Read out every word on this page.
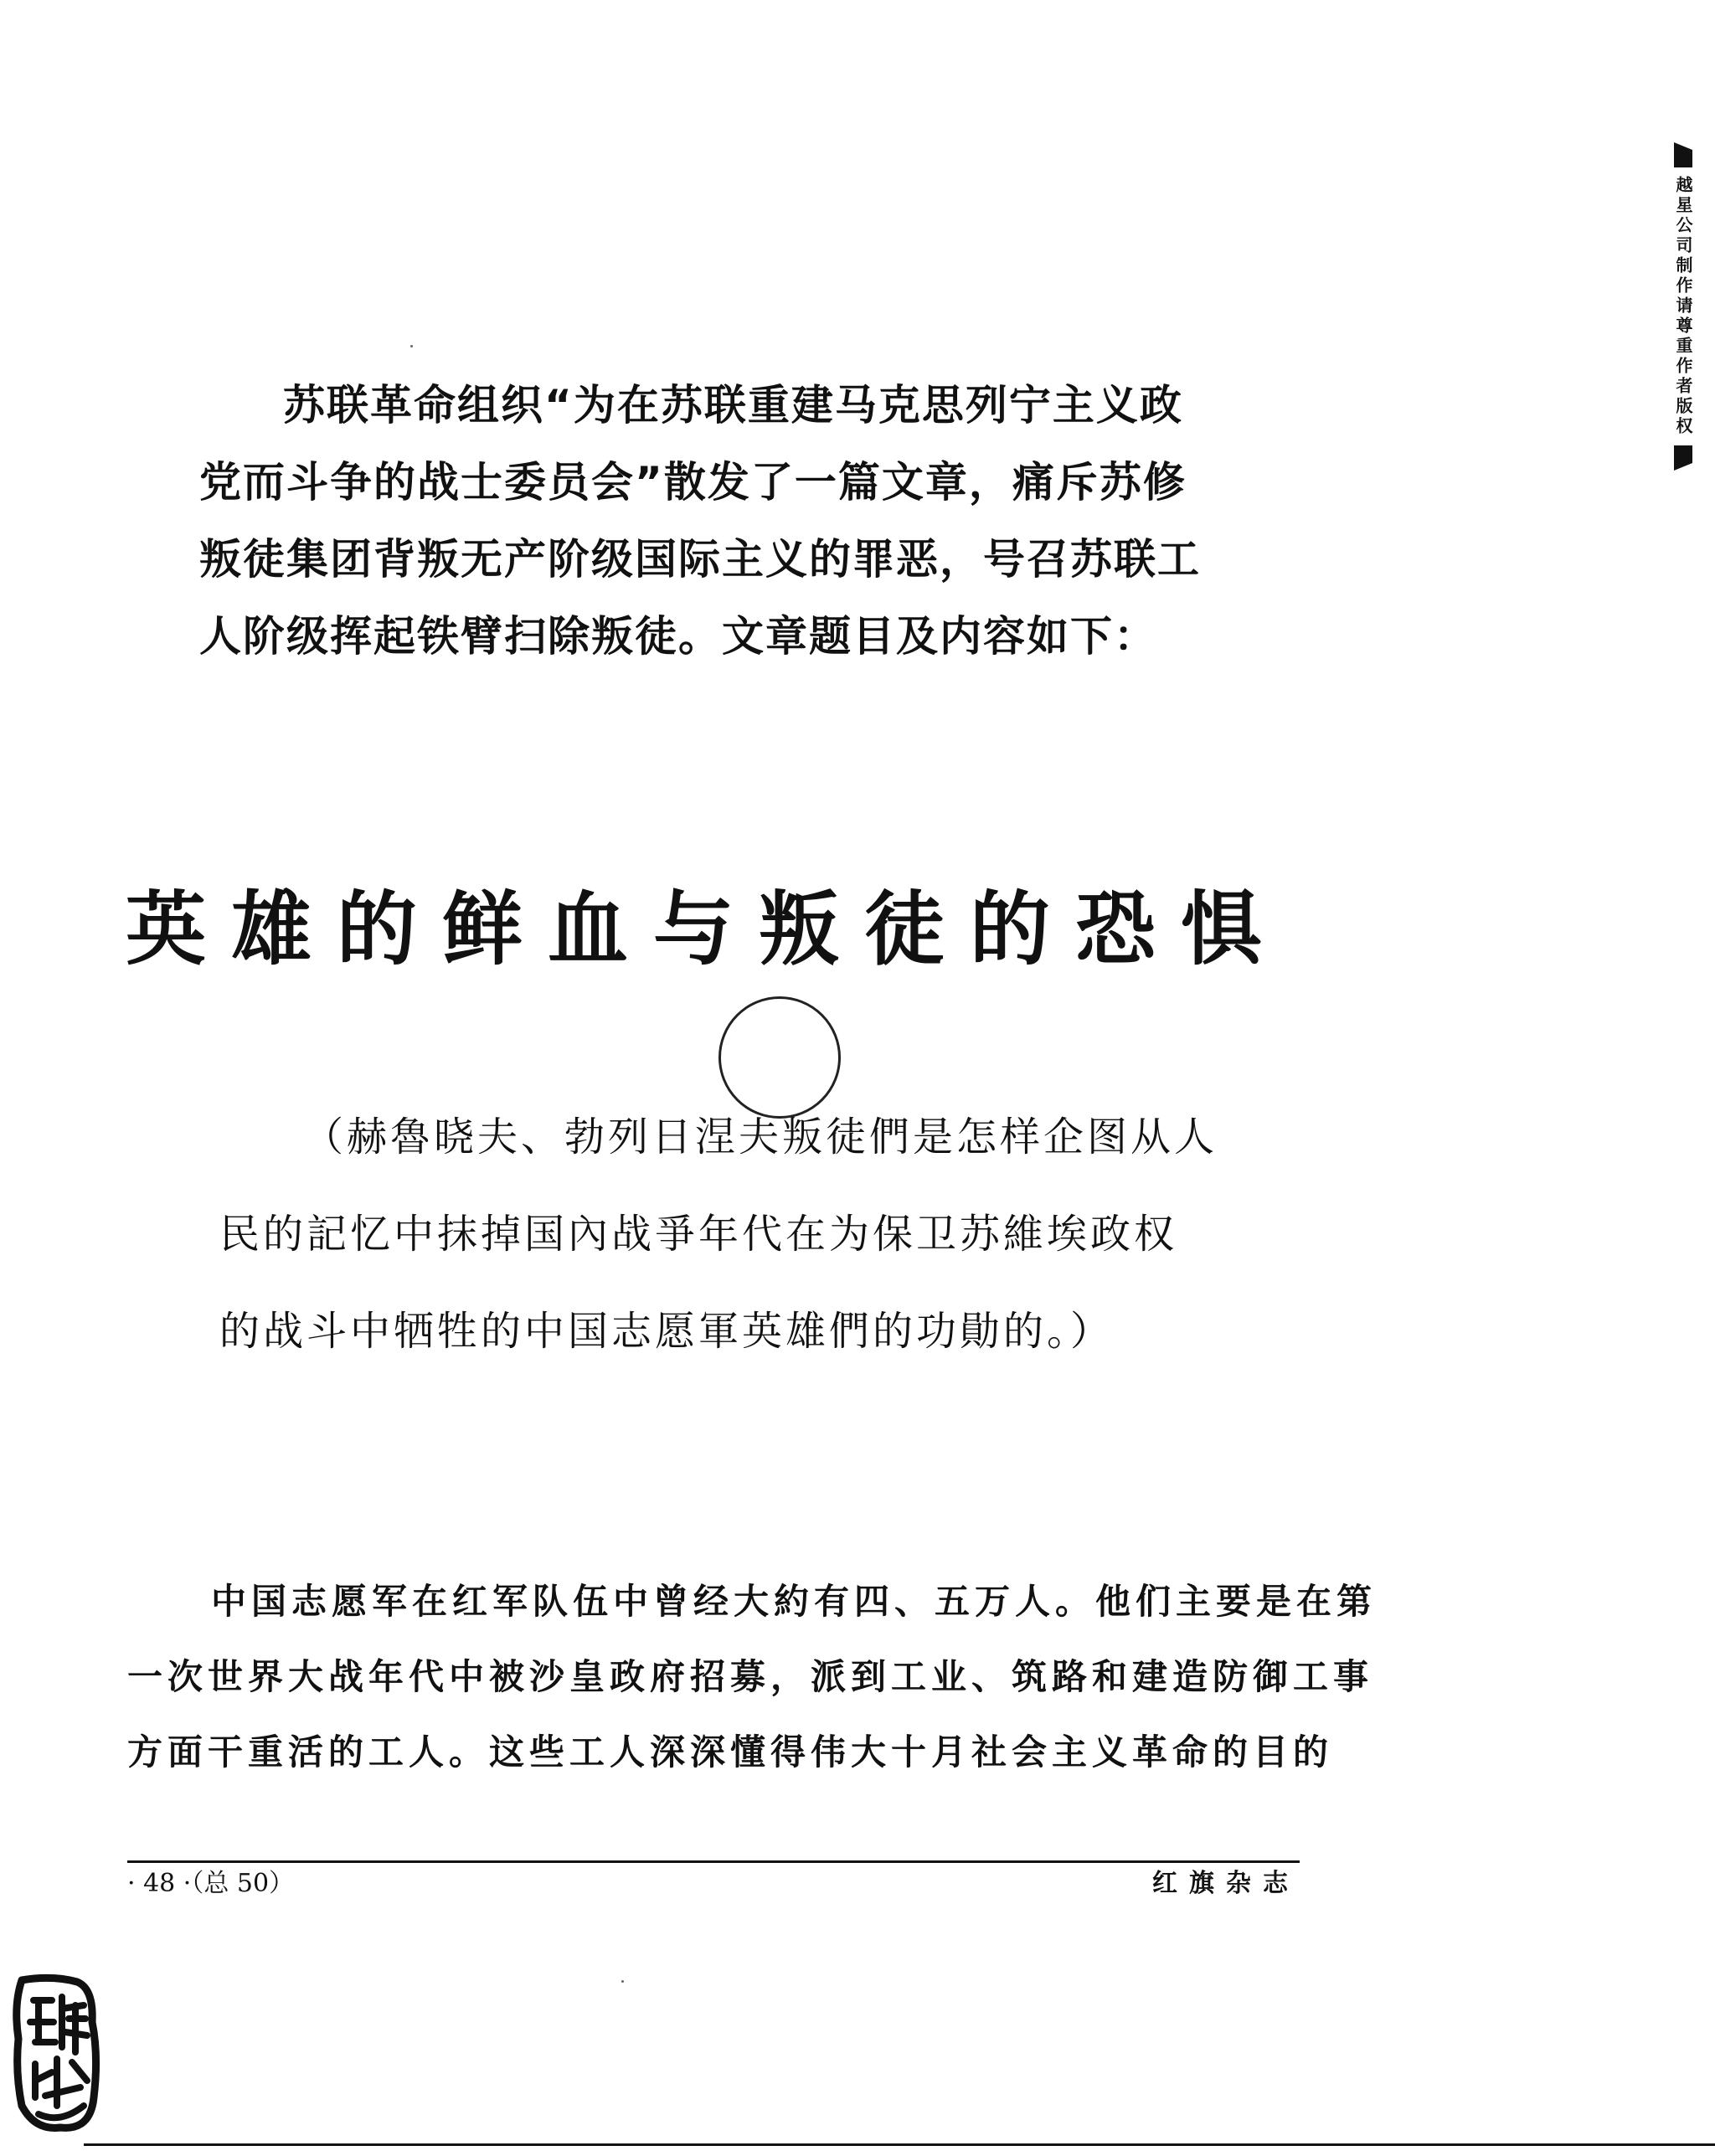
越星公司制作请尊重作者版权
苏联革命组织“为在苏联重建马克思列宁主义政
党而斗争的战士委员会”散发了一篇文章，痛斥苏修
叛徒集团背叛无产阶级国际主义的罪恶，号召苏联工
人阶级挥起铁臂扫除叛徒。文章题目及内容如下：
英雄的鲜血与叛徒的恐惧
（赫魯晓夫、勃列日涅夫叛徒們是怎样企图从人
民的記忆中抹掉国內战爭年代在为保卫苏維埃政权
的战斗中牺牲的中国志愿軍英雄們的功勛的。）
中国志愿军在红军队伍中曾经大約有四、五万人。他们主要是在第
一次世界大战年代中被沙皇政府招募，派到工业、筑路和建造防御工事
方面干重活的工人。这些工人深深懂得伟大十月社会主义革命的目的
· 48 ·（总 50）	红旗杂志
